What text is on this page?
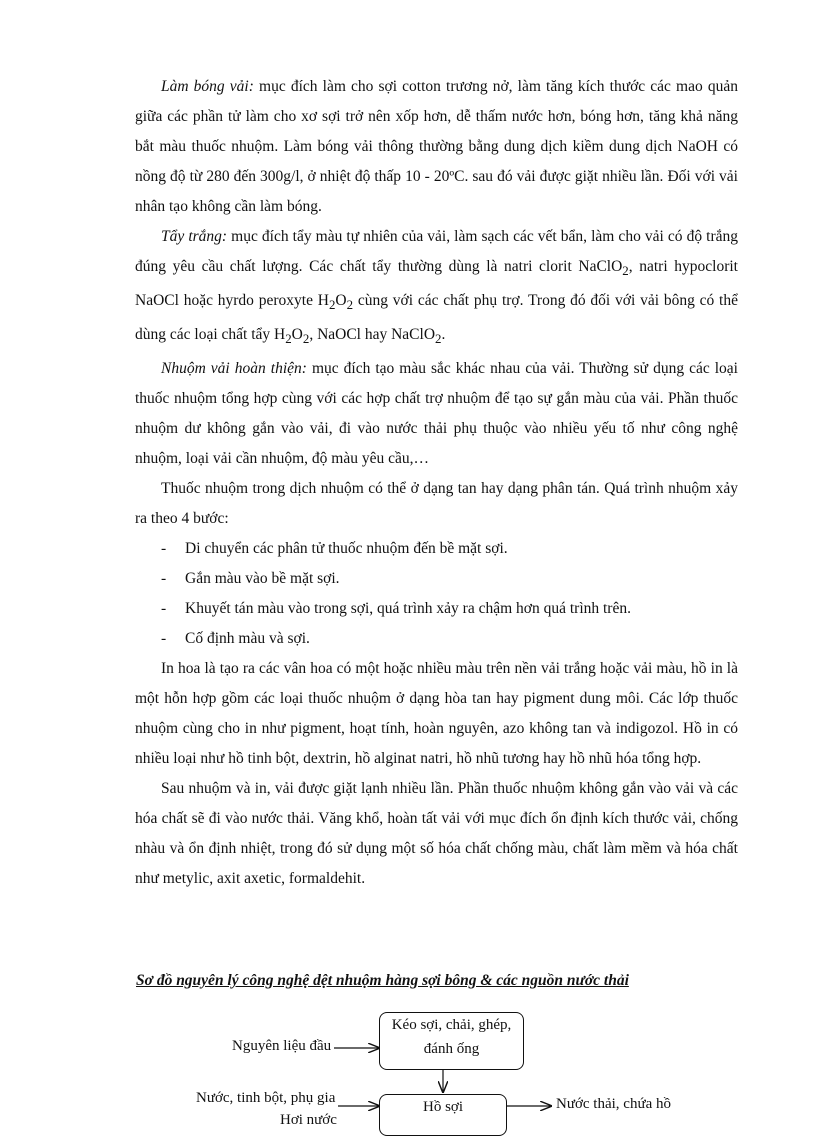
Làm bóng vải: mục đích làm cho sợi cotton trương nở, làm tăng kích thước các mao quản giữa các phần tử làm cho xơ sợi trở nên xốp hơn, dễ thấm nước hơn, bóng hơn, tăng khả năng bắt màu thuốc nhuộm. Làm bóng vải thông thường bằng dung dịch kiềm dung dịch NaOH có nồng độ từ 280 đến 300g/l, ở nhiệt độ thấp 10 - 20ºC. sau đó vải được giặt nhiều lần. Đối với vải nhân tạo không cần làm bóng.

Tẩy trắng: mục đích tẩy màu tự nhiên của vải, làm sạch các vết bẩn, làm cho vải có độ trắng đúng yêu cầu chất lượng. Các chất tẩy thường dùng là natri clorit NaClO$_2$, natri hypoclorit NaOCl hoặc hyrdo peroxyte $H_2O_2$ cùng với các chất phụ trợ. Trong đó đối với vải bông có thể dùng các loại chất tẩy $H_2O_2$, NaOCl hay NaClO$_2$.

Nhuộm vải hoàn thiện: mục đích tạo màu sắc khác nhau của vải. Thường sử dụng các loại thuốc nhuộm tổng hợp cùng với các hợp chất trợ nhuộm để tạo sự gắn màu của vải. Phần thuốc nhuộm dư không gắn vào vải, đi vào nước thải phụ thuộc vào nhiều yếu tố như công nghệ nhuộm, loại vải cần nhuộm, độ màu yêu cầu,…

Thuốc nhuộm trong dịch nhuộm có thể ở dạng tan hay dạng phân tán. Quá trình nhuộm xảy ra theo 4 bước:

- Di chuyển các phân tử thuốc nhuộm đến bề mặt sợi.
- Gắn màu vào bề mặt sợi.
- Khuyết tán màu vào trong sợi, quá trình xảy ra chậm hơn quá trình trên.
- Cố định màu và sợi.

In hoa là tạo ra các vân hoa có một hoặc nhiều màu trên nền vải trắng hoặc vải màu, hồ in là một hỗn hợp gồm các loại thuốc nhuộm ở dạng hòa tan hay pigment dung môi. Các lớp thuốc nhuộm cùng cho in như pigment, hoạt tính, hoàn nguyên, azo không tan và indigozol. Hồ in có nhiều loại như hồ tinh bột, dextrin, hồ alginat natri, hồ nhũ tương hay hồ nhũ hóa tổng hợp.

Sau nhuộm và in, vải được giặt lạnh nhiều lần. Phần thuốc nhuộm không gắn vào vải và các hóa chất sẽ đi vào nước thải. Văng khổ, hoàn tất vải với mục đích ổn định kích thước vải, chống nhàu và ổn định nhiệt, trong đó sử dụng một số hóa chất chống màu, chất làm mềm và hóa chất như metylic, axit axetic, formaldehit.

Sơ đồ nguyên lý công nghệ dệt nhuộm hàng sợi bông & các nguồn nước thải
Kéo sợi, chải, ghép, đánh ống
Hồ sợi
Nguyên liệu đầu
Nước, tinh bột, phụ gia
Hơi nước
Nước thải, chứa hồ
